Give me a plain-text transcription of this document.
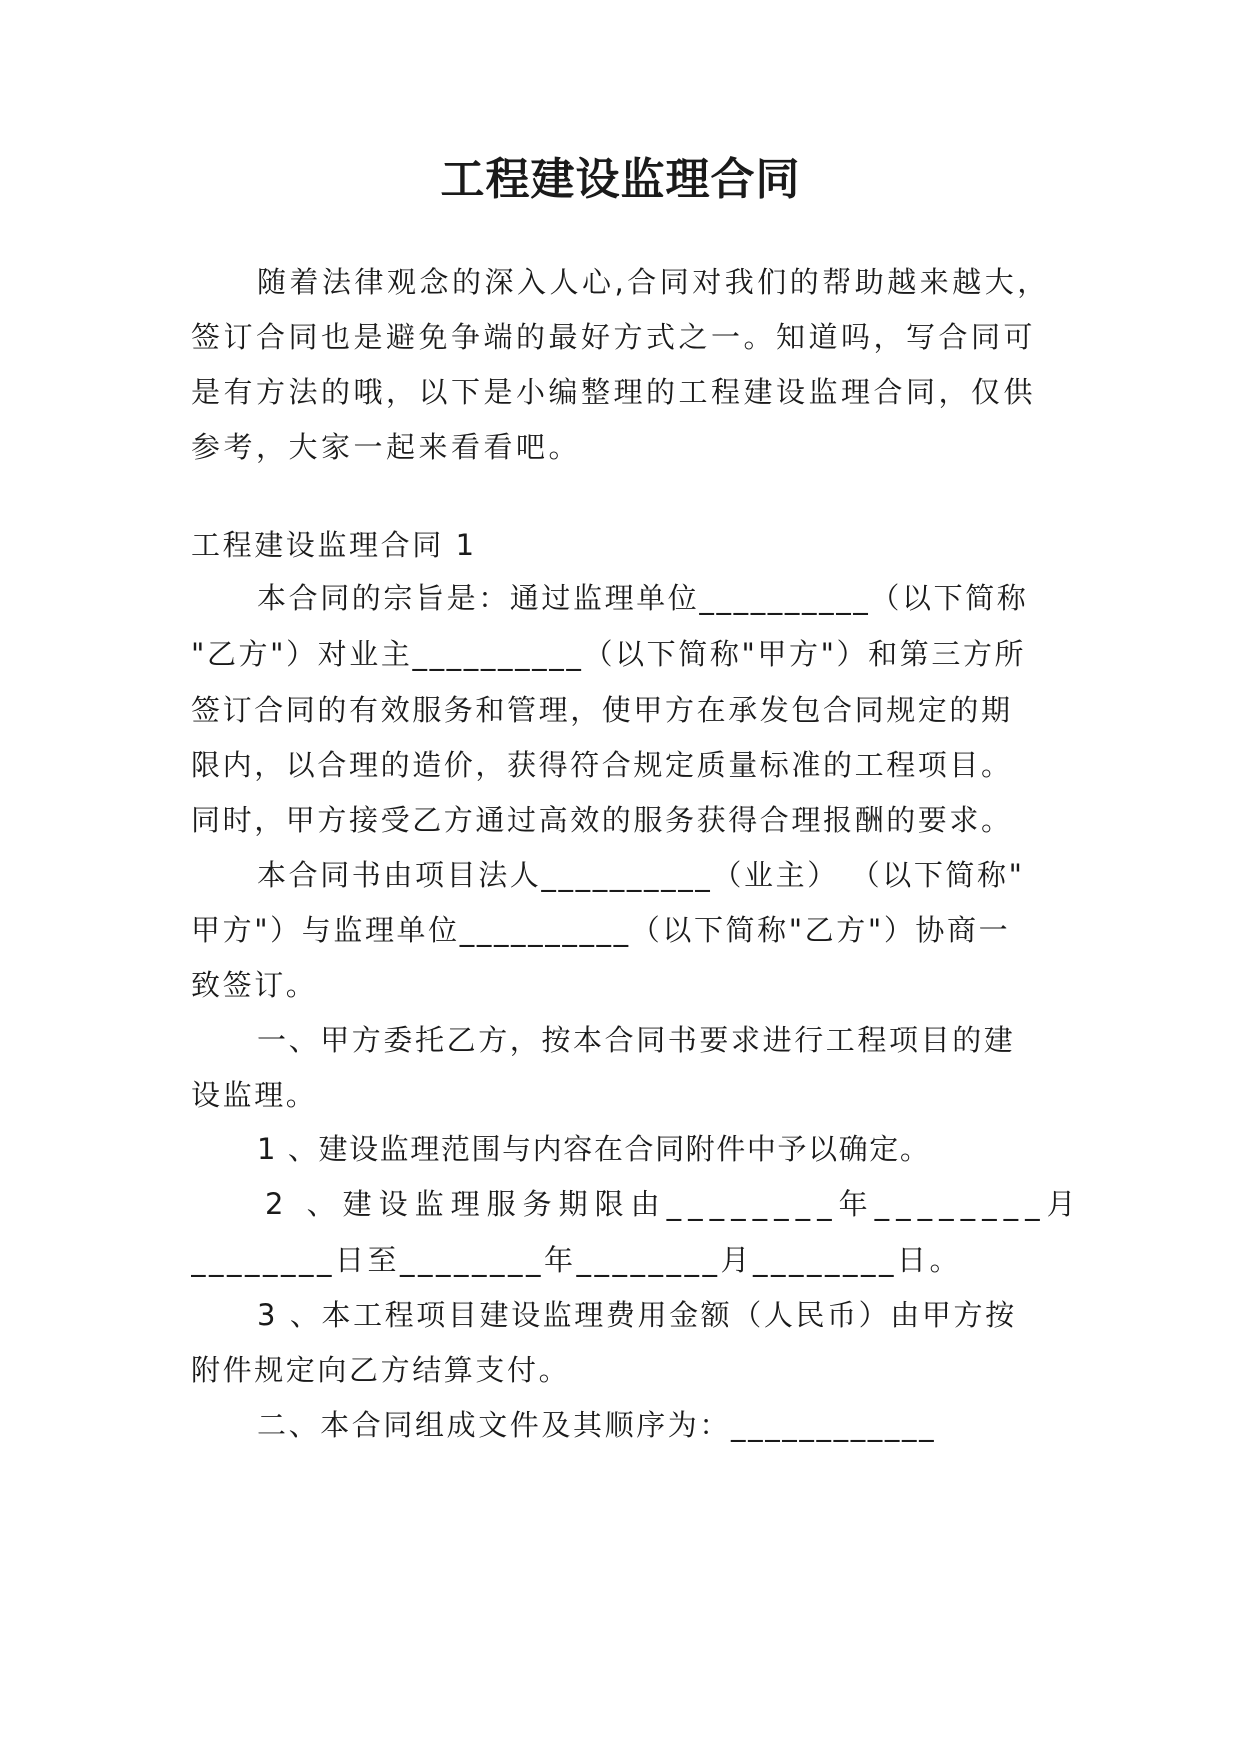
工程建设监理合同
随着法律观念的深入人心,合同对我们的帮助越来越大，
签订合同也是避免争端的最好方式之一。知道吗，写合同可
是有方法的哦，以下是小编整理的工程建设监理合同，仅供
参考，大家一起来看看吧。
工程建设监理合同 1
本合同的宗旨是：通过监理单位__________（以下简称
"乙方"）对业主__________（以下简称"甲方"）和第三方所
签订合同的有效服务和管理，使甲方在承发包合同规定的期
限内，以合理的造价，获得符合规定质量标准的工程项目。
同时，甲方接受乙方通过高效的服务获得合理报酬的要求。
本合同书由项目法人__________（业主） （以下简称"
甲方"）与监理单位__________（以下简称"乙方"）协商一
致签订。
一、甲方委托乙方，按本合同书要求进行工程项目的建
设监理。
1 、建设监理范围与内容在合同附件中予以确定。
2 、建设监理服务期限由________年________月
________日至________年________月________日。
3 、本工程项目建设监理费用金额（人民币）由甲方按
附件规定向乙方结算支付。
二、本合同组成文件及其顺序为：____________
